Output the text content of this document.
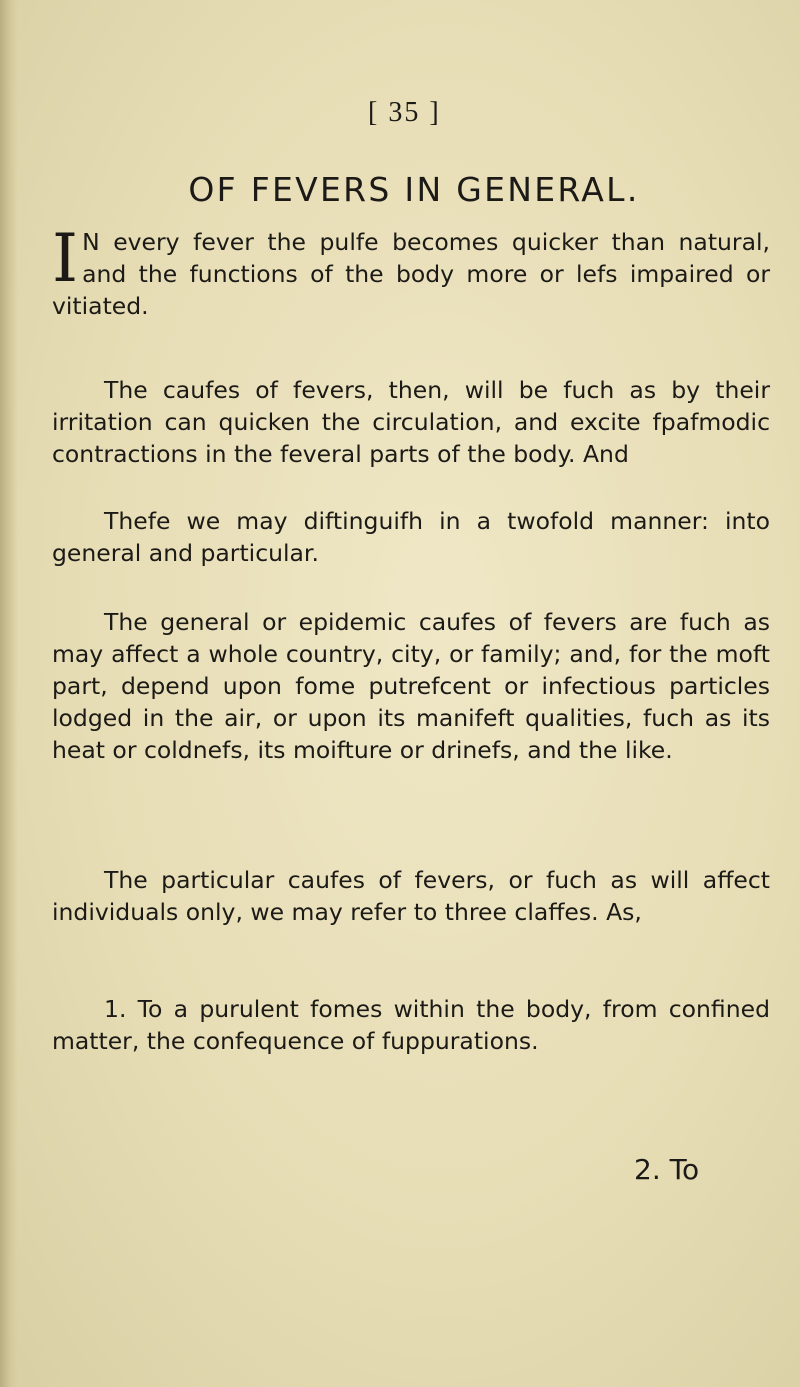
[ 35 ]
OF FEVERS IN GENERAL.

I N every fever the pulfe becomes quicker than natural, and the functions of the body more or lefs impaired or vitiated.

The caufes of fevers, then, will be fuch as by their irritation can quicken the circulation, and excite fpafmodic contractions in the feveral parts of the body. And

Thefe we may diftinguifh in a twofold manner: into general and particular.

The general or epidemic caufes of fevers are fuch as may affect a whole country, city, or family; and, for the moft part, depend upon fome putrefcent or infectious particles lodged in the air, or upon its manifeft qualities, fuch as its heat or coldnefs, its moifture or drinefs, and the like.

The particular caufes of fevers, or fuch as will affect individuals only, we may refer to three claffes. As,

1. To a purulent fomes within the body, from confined matter, the confequence of fuppurations.

2. To
